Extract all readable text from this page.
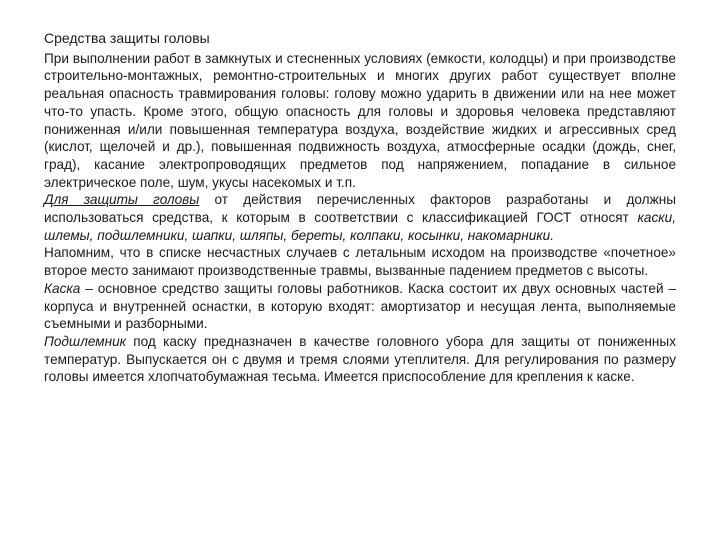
Средства защиты головы

При выполнении работ в замкнутых и стесненных условиях (емкости, колодцы) и при производстве строительно-монтажных, ремонтно-строительных и многих других работ существует вполне реальная опасность травмирования головы: голову можно ударить в движении или на нее может что-то упасть. Кроме этого, общую опасность для головы и здоровья человека представляют пониженная и/или повышенная температура воздуха, воздействие жидких и агрессивных сред (кислот, щелочей и др.), повышенная подвижность воздуха, атмосферные осадки (дождь, снег, град), касание электропроводящих предметов под напряжением, попадание в сильное электрическое поле, шум, укусы насекомых и т.п.

Для защиты головы от действия перечисленных факторов разработаны и должны использоваться средства, к которым в соответствии с классификацией ГОСТ относят каски, шлемы, подшлемники, шапки, шляпы, береты, колпаки, косынки, накомарники.

Напомним, что в списке несчастных случаев с летальным исходом на производстве «почетное» второе место занимают производственные травмы, вызванные падением предметов с высоты.

Каска – основное средство защиты головы работников. Каска состоит их двух основных частей – корпуса и внутренней оснастки, в которую входят: амортизатор и несущая лента, выполняемые съемными и разборными.

Подшлемник под каску предназначен в качестве головного убора для защиты от пониженных температур. Выпускается он с двумя и тремя слоями утеплителя. Для регулирования по размеру головы имеется хлопчатобумажная тесьма. Имеется приспособление для крепления к каске.
